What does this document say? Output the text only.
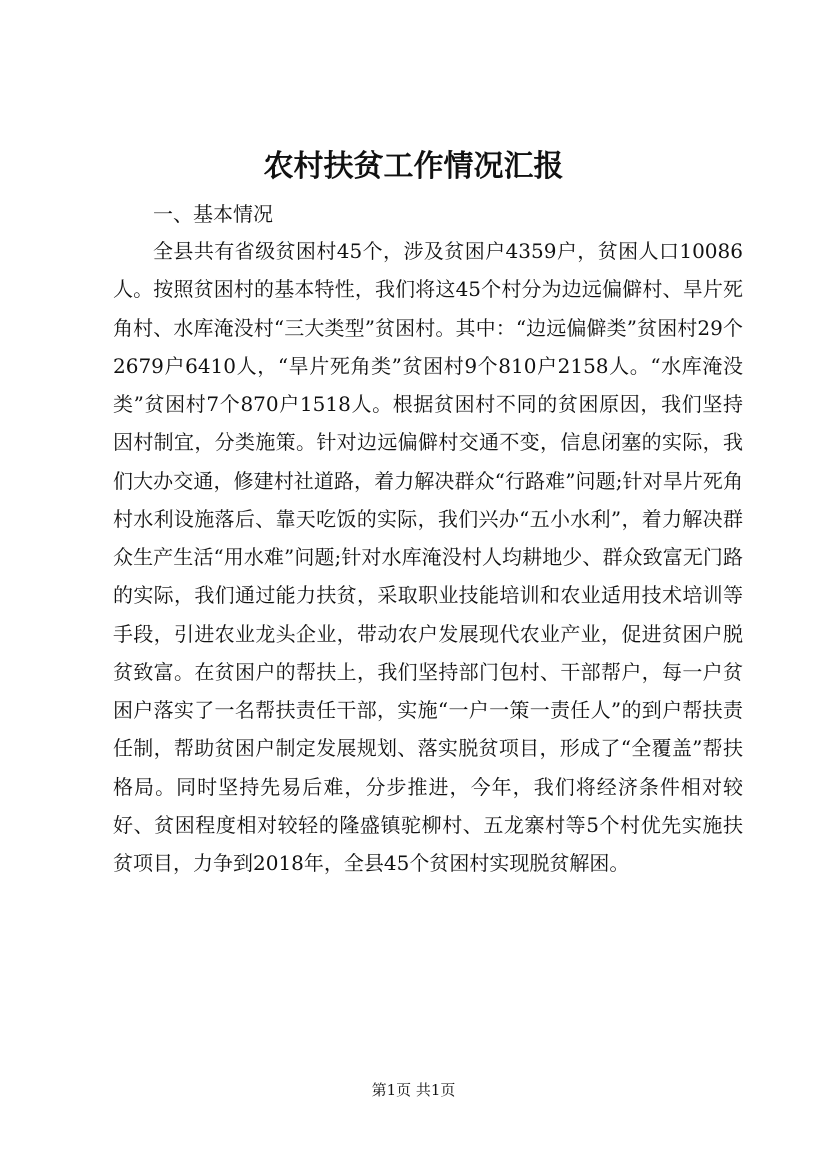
农村扶贫工作情况汇报

一、基本情况

全县共有省级贫困村45个，涉及贫困户4359户，贫困人口10086人。按照贫困村的基本特性，我们将这45个村分为边远偏僻村、旱片死角村、水库淹没村“三大类型”贫困村。其中：“边远偏僻类”贫困村29个2679户6410人，“旱片死角类”贫困村9个810户2158人。“水库淹没类”贫困村7个870户1518人。根据贫困村不同的贫困原因，我们坚持因村制宜，分类施策。针对边远偏僻村交通不变，信息闭塞的实际，我们大办交通，修建村社道路，着力解决群众“行路难”问题;针对旱片死角村水利设施落后、靠天吃饭的实际，我们兴办“五小水利”，着力解决群众生产生活“用水难”问题;针对水库淹没村人均耕地少、群众致富无门路的实际，我们通过能力扶贫，采取职业技能培训和农业适用技术培训等手段，引进农业龙头企业，带动农户发展现代农业产业，促进贫困户脱贫致富。在贫困户的帮扶上，我们坚持部门包村、干部帮户，每一户贫困户落实了一名帮扶责任干部，实施“一户一策一责任人”的到户帮扶责任制，帮助贫困户制定发展规划、落实脱贫项目，形成了“全覆盖”帮扶格局。同时坚持先易后难，分步推进，今年，我们将经济条件相对较好、贫困程度相对较轻的隆盛镇驼柳村、五龙寨村等5个村优先实施扶贫项目，力争到2018年，全县45个贫困村实现脱贫解困。

第1页 共1页
